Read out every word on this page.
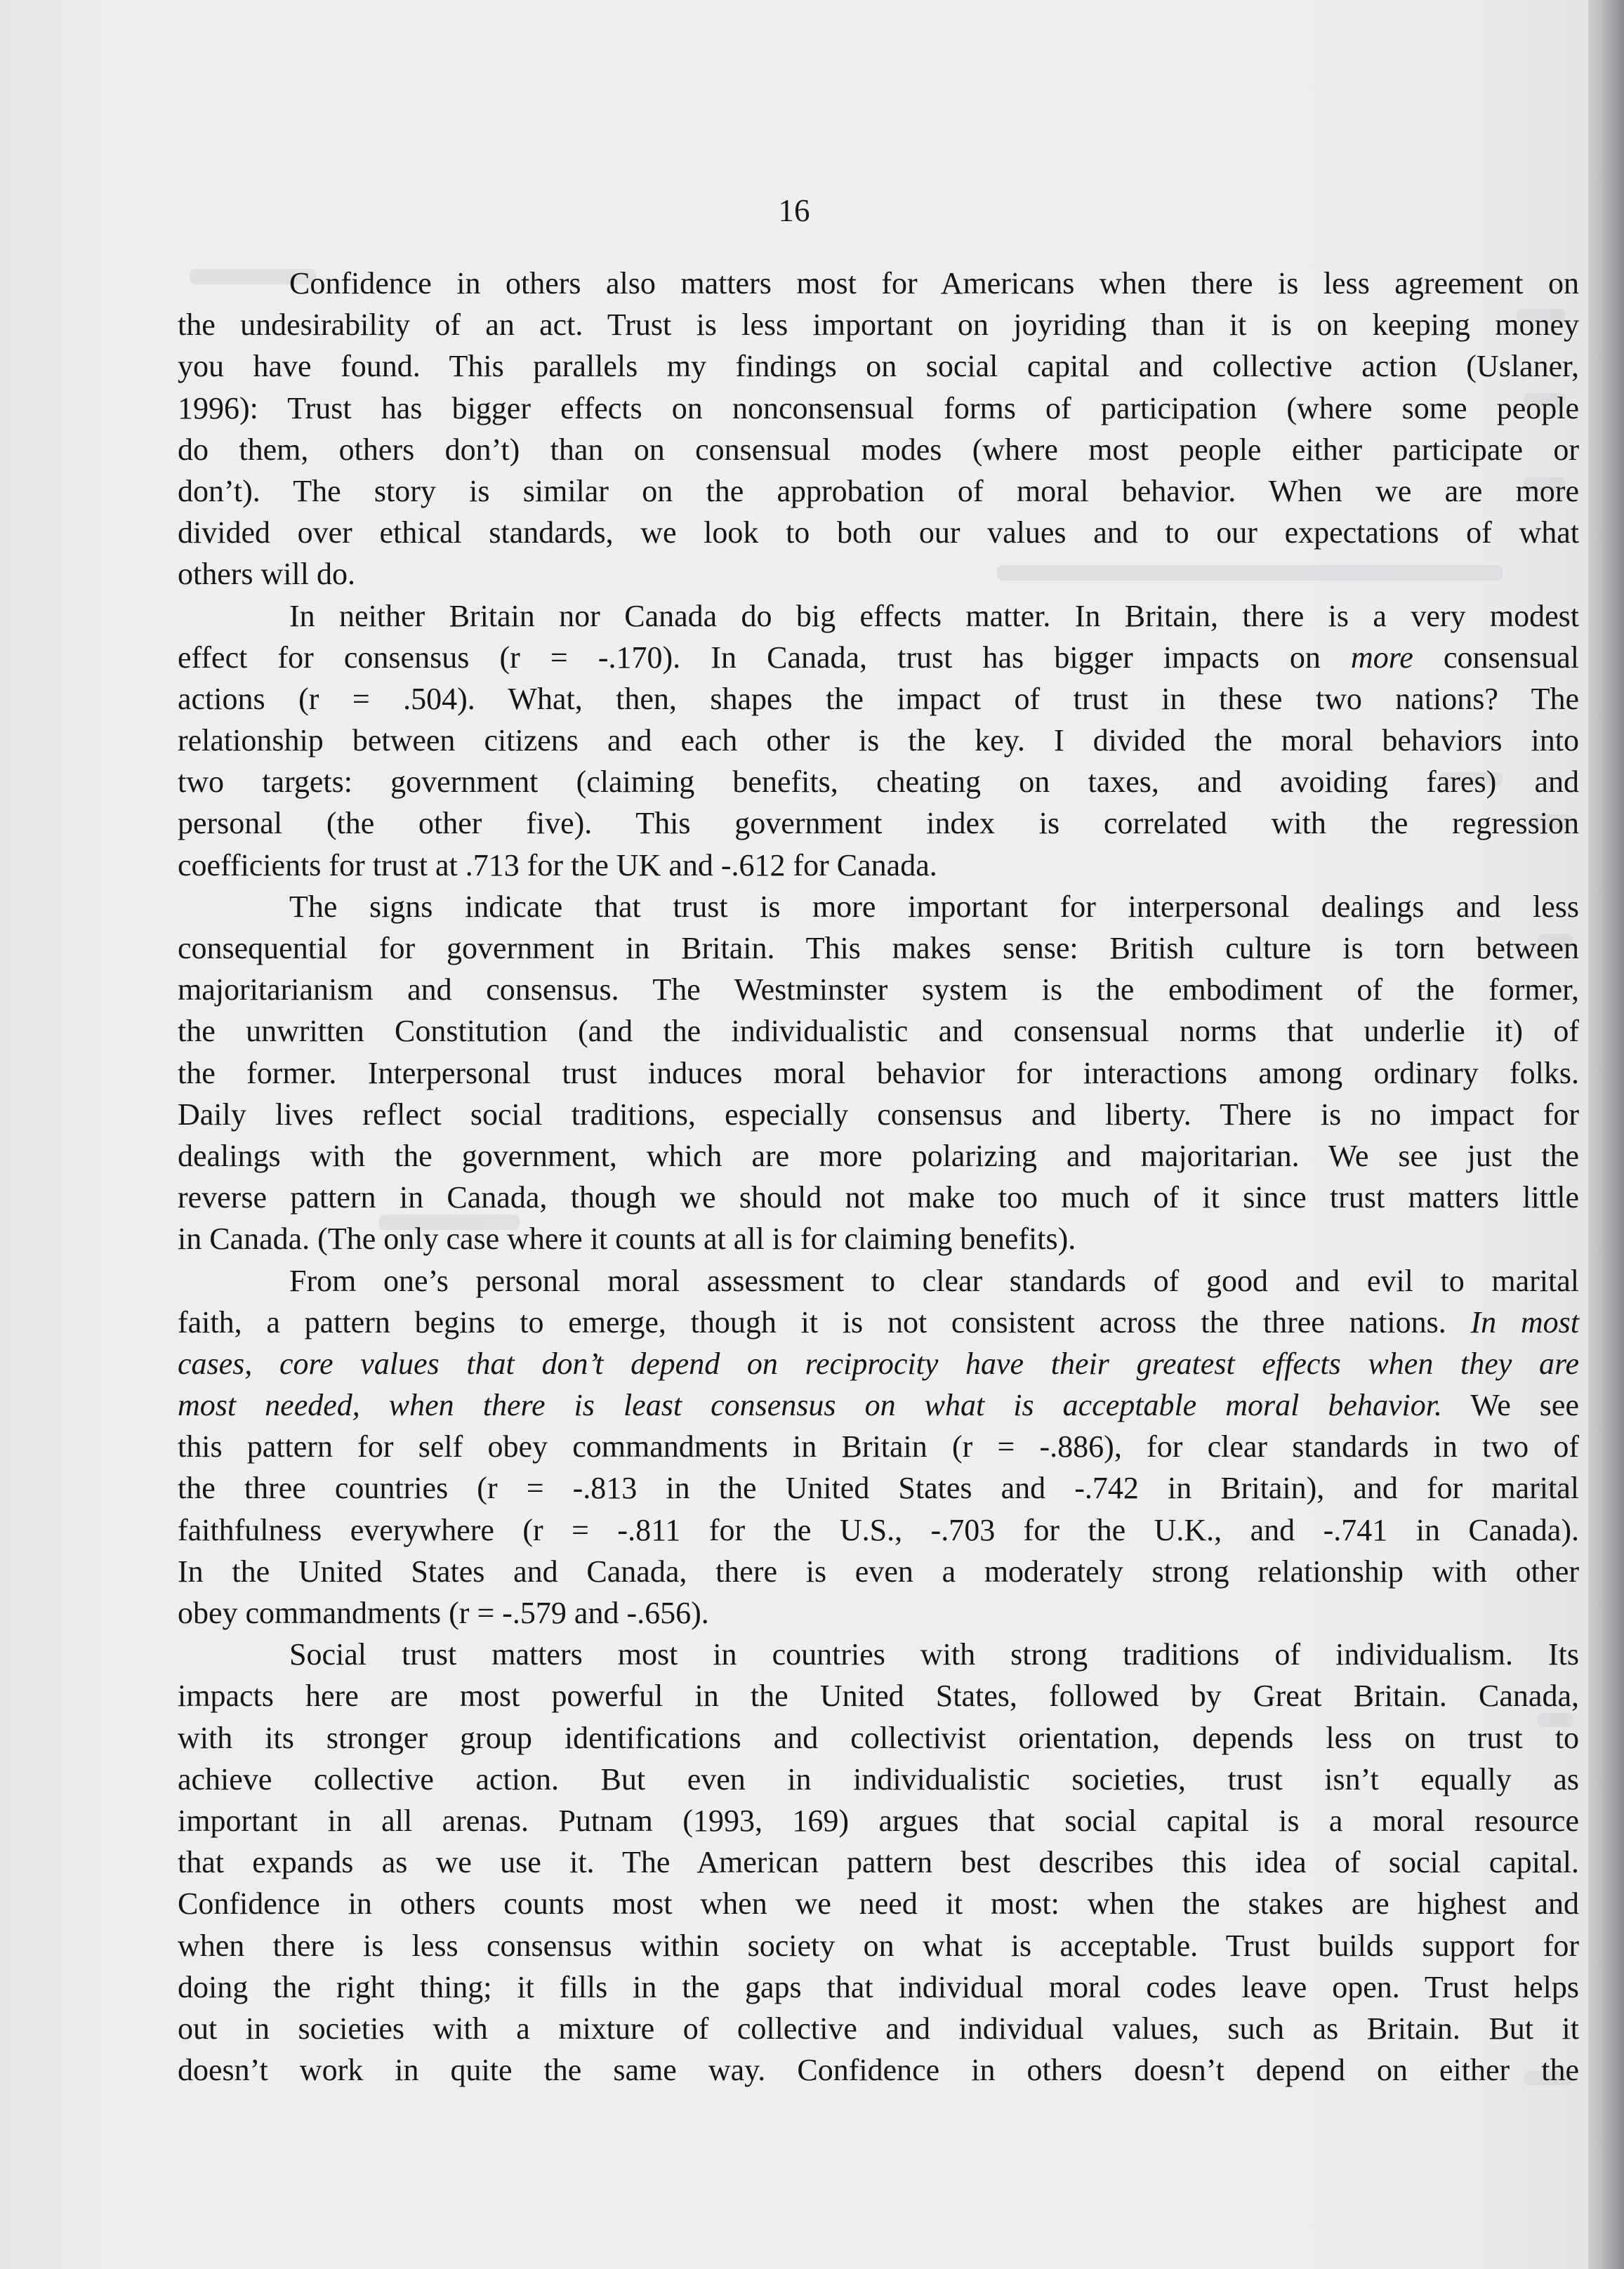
16
Confidence in others also matters most for Americans when there is less agreement on
the undesirability of an act. Trust is less important on joyriding than it is on keeping money
you have found. This parallels my findings on social capital and collective action (Uslaner,
1996): Trust has bigger effects on nonconsensual forms of participation (where some people
do them, others don’t) than on consensual modes (where most people either participate or
don’t). The story is similar on the approbation of moral behavior. When we are more
divided over ethical standards, we look to both our values and to our expectations of what
others will do.
In neither Britain nor Canada do big effects matter. In Britain, there is a very modest
effect for consensus (r = -.170). In Canada, trust has bigger impacts on more consensual
actions (r = .504). What, then, shapes the impact of trust in these two nations? The
relationship between citizens and each other is the key. I divided the moral behaviors into
two targets: government (claiming benefits, cheating on taxes, and avoiding fares) and
personal (the other five). This government index is correlated with the regression
coefficients for trust at .713 for the UK and -.612 for Canada.
The signs indicate that trust is more important for interpersonal dealings and less
consequential for government in Britain. This makes sense: British culture is torn between
majoritarianism and consensus. The Westminster system is the embodiment of the former,
the unwritten Constitution (and the individualistic and consensual norms that underlie it) of
the former. Interpersonal trust induces moral behavior for interactions among ordinary folks.
Daily lives reflect social traditions, especially consensus and liberty. There is no impact for
dealings with the government, which are more polarizing and majoritarian. We see just the
reverse pattern in Canada, though we should not make too much of it since trust matters little
in Canada. (The only case where it counts at all is for claiming benefits).
From one’s personal moral assessment to clear standards of good and evil to marital
faith, a pattern begins to emerge, though it is not consistent across the three nations. In most
cases, core values that don’t depend on reciprocity have their greatest effects when they are
most needed, when there is least consensus on what is acceptable moral behavior. We see
this pattern for self obey commandments in Britain (r = -.886), for clear standards in two of
the three countries (r = -.813 in the United States and -.742 in Britain), and for marital
faithfulness everywhere (r = -.811 for the U.S., -.703 for the U.K., and -.741 in Canada).
In the United States and Canada, there is even a moderately strong relationship with other
obey commandments (r = -.579 and -.656).
Social trust matters most in countries with strong traditions of individualism. Its
impacts here are most powerful in the United States, followed by Great Britain. Canada,
with its stronger group identifications and collectivist orientation, depends less on trust to
achieve collective action. But even in individualistic societies, trust isn’t equally as
important in all arenas. Putnam (1993, 169) argues that social capital is a moral resource
that expands as we use it. The American pattern best describes this idea of social capital.
Confidence in others counts most when we need it most: when the stakes are highest and
when there is less consensus within society on what is acceptable. Trust builds support for
doing the right thing; it fills in the gaps that individual moral codes leave open. Trust helps
out in societies with a mixture of collective and individual values, such as Britain. But it
doesn’t work in quite the same way. Confidence in others doesn’t depend on either the
